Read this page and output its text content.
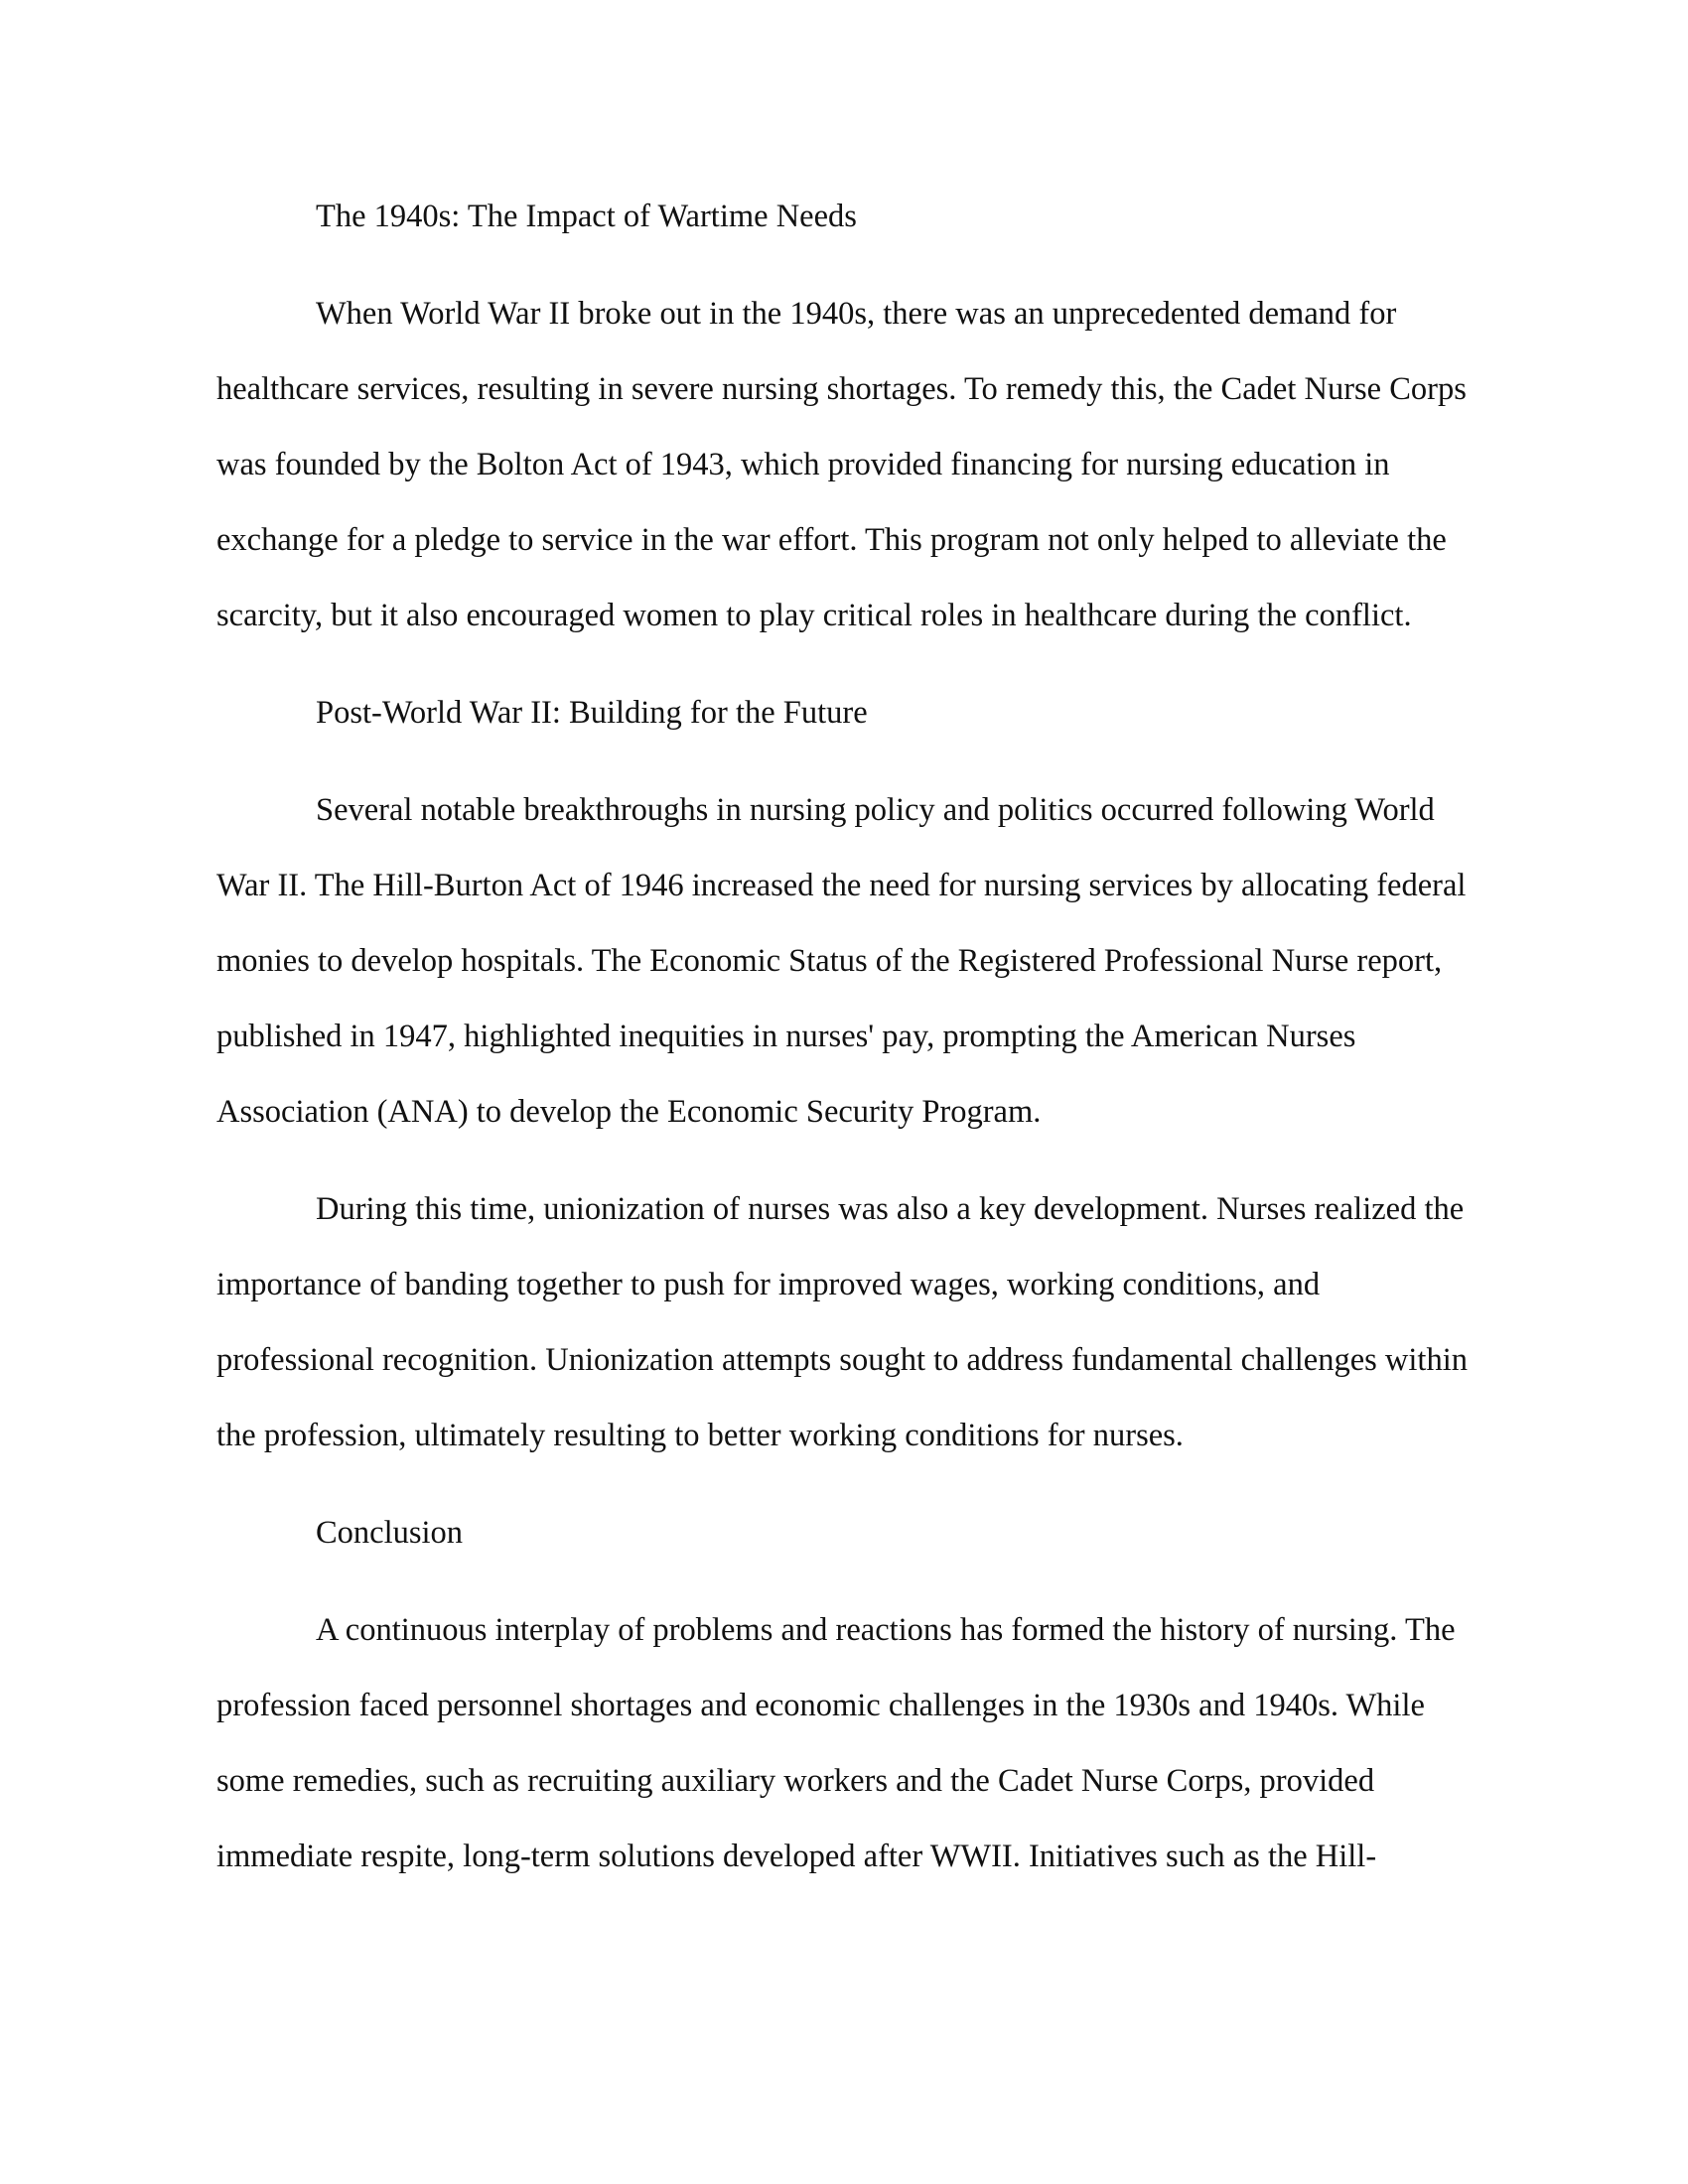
The 1940s: The Impact of Wartime Needs

When World War II broke out in the 1940s, there was an unprecedented demand for healthcare services, resulting in severe nursing shortages. To remedy this, the Cadet Nurse Corps was founded by the Bolton Act of 1943, which provided financing for nursing education in exchange for a pledge to service in the war effort. This program not only helped to alleviate the scarcity, but it also encouraged women to play critical roles in healthcare during the conflict.

Post-World War II: Building for the Future

Several notable breakthroughs in nursing policy and politics occurred following World War II. The Hill-Burton Act of 1946 increased the need for nursing services by allocating federal monies to develop hospitals. The Economic Status of the Registered Professional Nurse report, published in 1947, highlighted inequities in nurses' pay, prompting the American Nurses Association (ANA) to develop the Economic Security Program.

During this time, unionization of nurses was also a key development. Nurses realized the importance of banding together to push for improved wages, working conditions, and professional recognition. Unionization attempts sought to address fundamental challenges within the profession, ultimately resulting to better working conditions for nurses.

Conclusion

A continuous interplay of problems and reactions has formed the history of nursing. The profession faced personnel shortages and economic challenges in the 1930s and 1940s. While some remedies, such as recruiting auxiliary workers and the Cadet Nurse Corps, provided immediate respite, long-term solutions developed after WWII. Initiatives such as the Hill-
